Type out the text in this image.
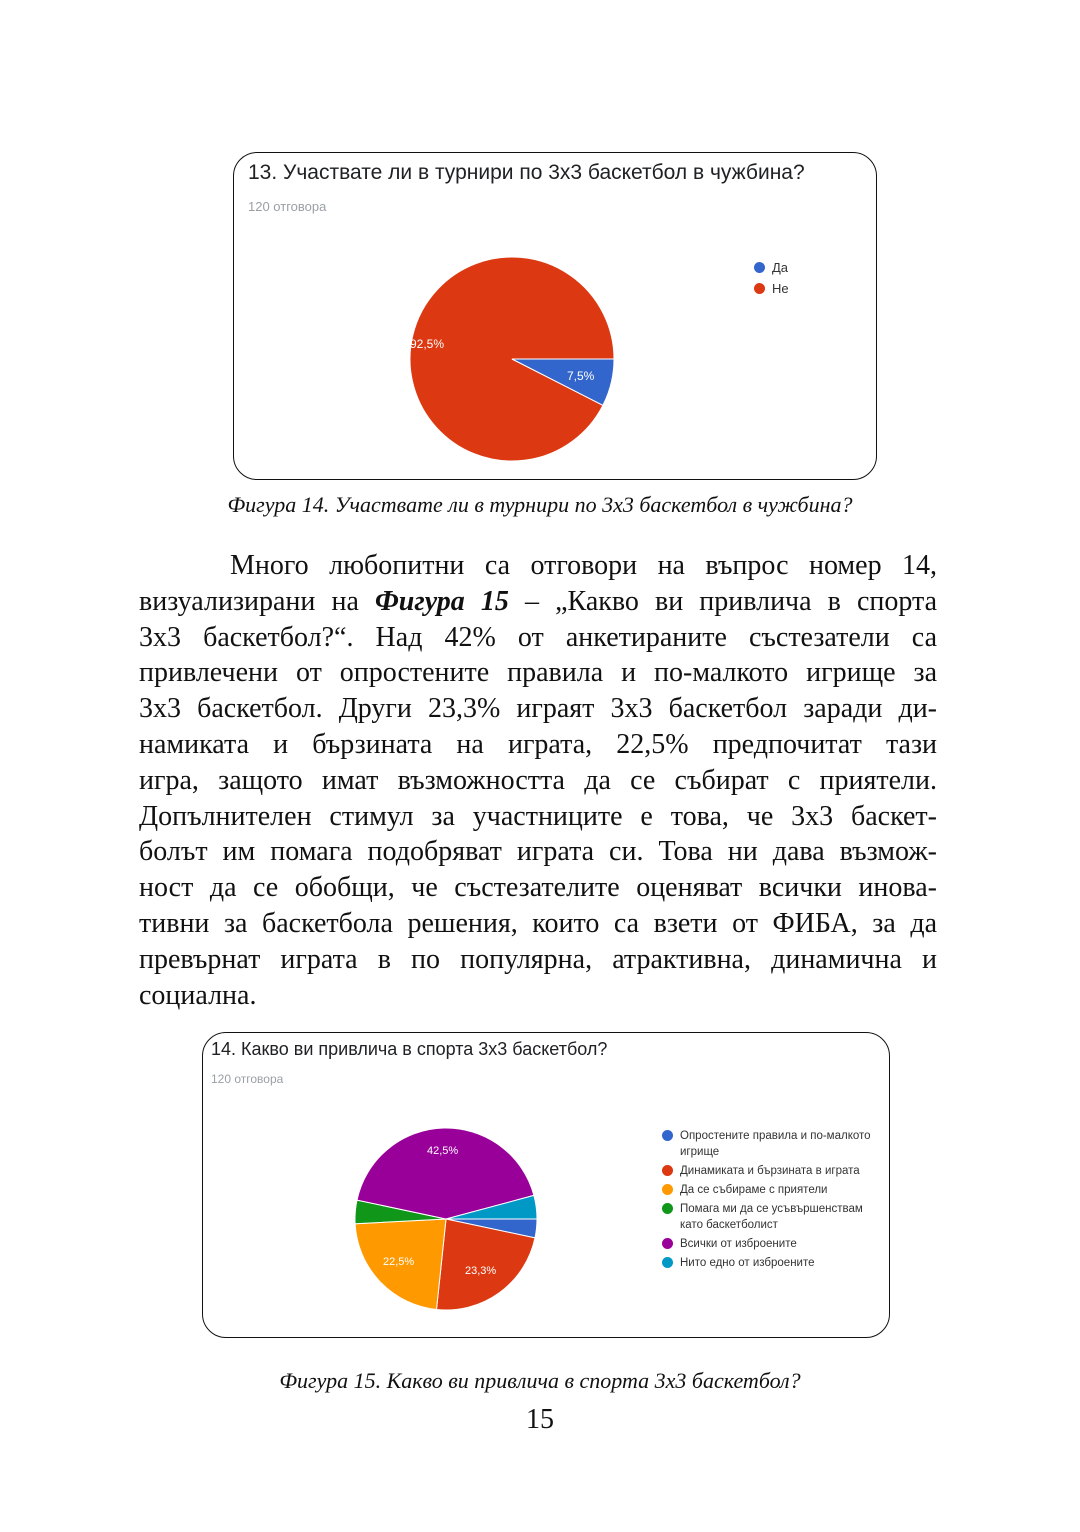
13. Участвате ли в турнири по 3х3 баскетбол в чужбина?
120 отговора
92,5%
7,5%
Да
Не
Фигура 14. Участвате ли в турнири по 3х3 баскетбол в чужбина?
Много любопитни са отговори на въпрос номер 14,
визуализирани на Фигура 15 – „Какво ви привлича в спорта
3х3 баскетбол?“. Над 42% от анкетираните състезатели са
привлечени от опростените правила и по-малкото игрище за
3х3 баскетбол. Други 23,3% играят 3х3 баскетбол заради ди-
намиката и бързината на играта, 22,5% предпочитат тази
игра, защото имат възможността да се събират с приятели.
Допълнителен стимул за участниците е това, че 3х3 баскет-
болът им помага подобряват играта си. Това ни дава възмож-
ност да се обобщи, че състезателите оценяват всички инова-
тивни за баскетбола решения, които са взети от ФИБА, за да
превърнат играта в по популярна, атрактивна, динамична и
социална.
14. Какво ви привлича в спорта 3х3 баскетбол?
120 отговора
42,5%
22,5%
23,3%
Опростените правила и по-малкото
игрище
Динамиката и бързината в играта
Да се събираме с приятели
Помага ми да се усъвършенствам
като баскетболист
Всички от изброените
Нито едно от изброените
Фигура 15. Какво ви привлича в спорта 3х3 баскетбол?
15
